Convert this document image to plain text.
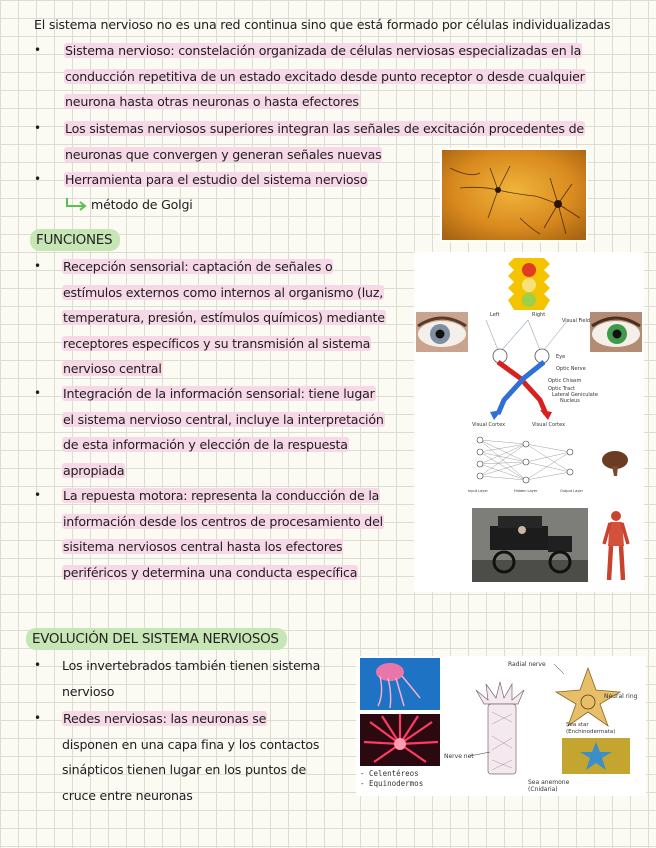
El sistema nervioso no es una red continua sino que está formado por células individualizadas
• Sistema nervioso: constelación organizada de células nerviosas especializadas en la
conducción repetitiva de un estado excitado desde punto receptor o desde cualquier
neurona hasta otras neuronas o hasta efectores
• Los sistemas nerviosos superiores integran las señales de excitación procedentes de
neuronas que convergen y generan señales nuevas
• Herramienta para el estudio del sistema nervioso
método de Golgi
FUNCIONES
• Recepción sensorial: captación de señales o
estímulos externos como internos al organismo (luz,
temperatura, presión, estímulos químicos) mediante
receptores específicos y su transmisión al sistema
nervioso central
• Integración de la información sensorial: tiene lugar
el sistema nervioso central, incluye la interpretación
de esta información y elección de la respuesta
apropiada
• La repuesta motora: representa la conducción de la
información desde los centros de procesamiento del
sisitema nerviosos central hasta los efectores
periféricos y determina una conducta específica
Left	Right
Visual Field
Eye
Optic Nerve
Optic Chiasm
Optic Tract
Lateral Geniculate
Nucleus
Visual Cortex	Visual Cortex
Input Layer	Hidden Layer	Output Layer
EVOLUCIÓN DEL SISTEMA NERVIOSOS
• Los invertebrados también tienen sistema
nervioso
• Redes nerviosas: las neuronas se
disponen en una capa fina y los contactos
sinápticos tienen lugar en los puntos de
cruce entre neuronas
- Celentéreos
- Equinodermos
Radial nerve
Neural ring
Sea star
(Enchinodermata)
Nerve net
Sea anemone
(Cnidaria)
